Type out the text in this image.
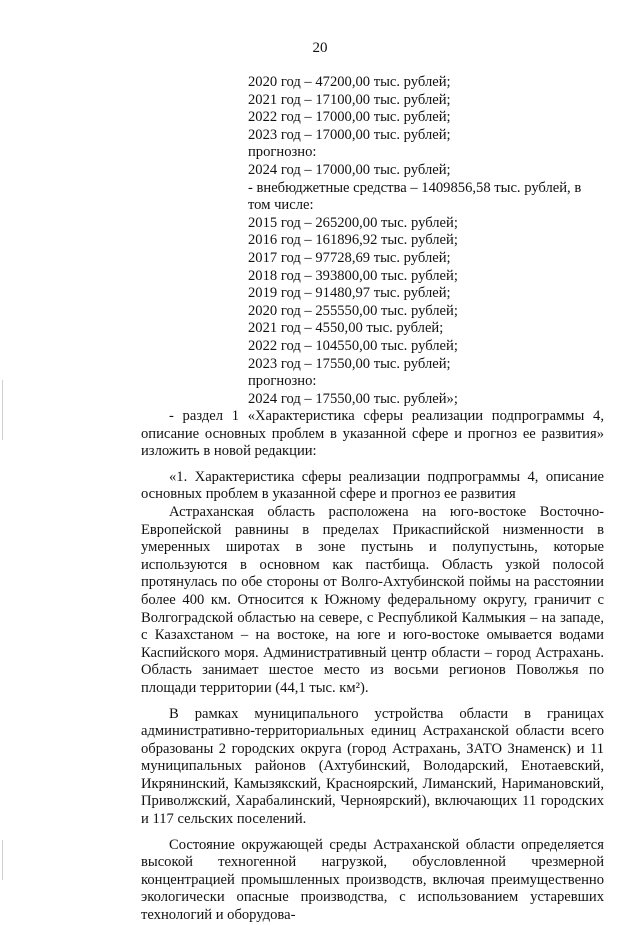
20
2020 год – 47200,00 тыс. рублей;
2021 год – 17100,00 тыс. рублей;
2022 год – 17000,00 тыс. рублей;
2023 год – 17000,00 тыс. рублей;
прогнозно:
2024 год – 17000,00 тыс. рублей;
- внебюджетные средства – 1409856,58 тыс. рублей, в том числе:
2015 год – 265200,00 тыс. рублей;
2016 год – 161896,92 тыс. рублей;
2017 год – 97728,69 тыс. рублей;
2018 год – 393800,00 тыс. рублей;
2019 год – 91480,97 тыс. рублей;
2020 год – 255550,00 тыс. рублей;
2021 год – 4550,00 тыс. рублей;
2022 год – 104550,00 тыс. рублей;
2023 год – 17550,00 тыс. рублей;
прогнозно:
2024 год – 17550,00 тыс. рублей»;

- раздел 1 «Характеристика сферы реализации подпрограммы 4, описание основных проблем в указанной сфере и прогноз ее развития» изложить в новой редакции:

«1. Характеристика сферы реализации подпрограммы 4, описание основных проблем в указанной сфере и прогноз ее развития

Астраханская область расположена на юго-востоке Восточно-Европейской равнины в пределах Прикаспийской низменности в умеренных широтах в зоне пустынь и полупустынь, которые используются в основном как пастбища. Область узкой полосой протянулась по обе стороны от Волго-Ахтубинской поймы на расстоянии более 400 км. Относится к Южному федеральному округу, граничит с Волгоградской областью на севере, с Республикой Калмыкия – на западе, с Казахстаном – на востоке, на юге и юго-востоке омывается водами Каспийского моря. Административный центр области – город Астрахань. Область занимает шестое место из восьми регионов Поволжья по площади территории (44,1 тыс. км²).

В рамках муниципального устройства области в границах административно-территориальных единиц Астраханской области всего образованы 2 городских округа (город Астрахань, ЗАТО Знаменск) и 11 муниципальных районов (Ахтубинский, Володарский, Енотаевский, Икрянинский, Камызякский, Красноярский, Лиманский, Наримановский, Приволжский, Харабалинский, Черноярский), включающих 11 городских и 117 сельских поселений.

Состояние окружающей среды Астраханской области определяется высокой техногенной нагрузкой, обусловленной чрезмерной концентрацией промышленных производств, включая преимущественно экологически опасные производства, с использованием устаревших технологий и оборудова-
